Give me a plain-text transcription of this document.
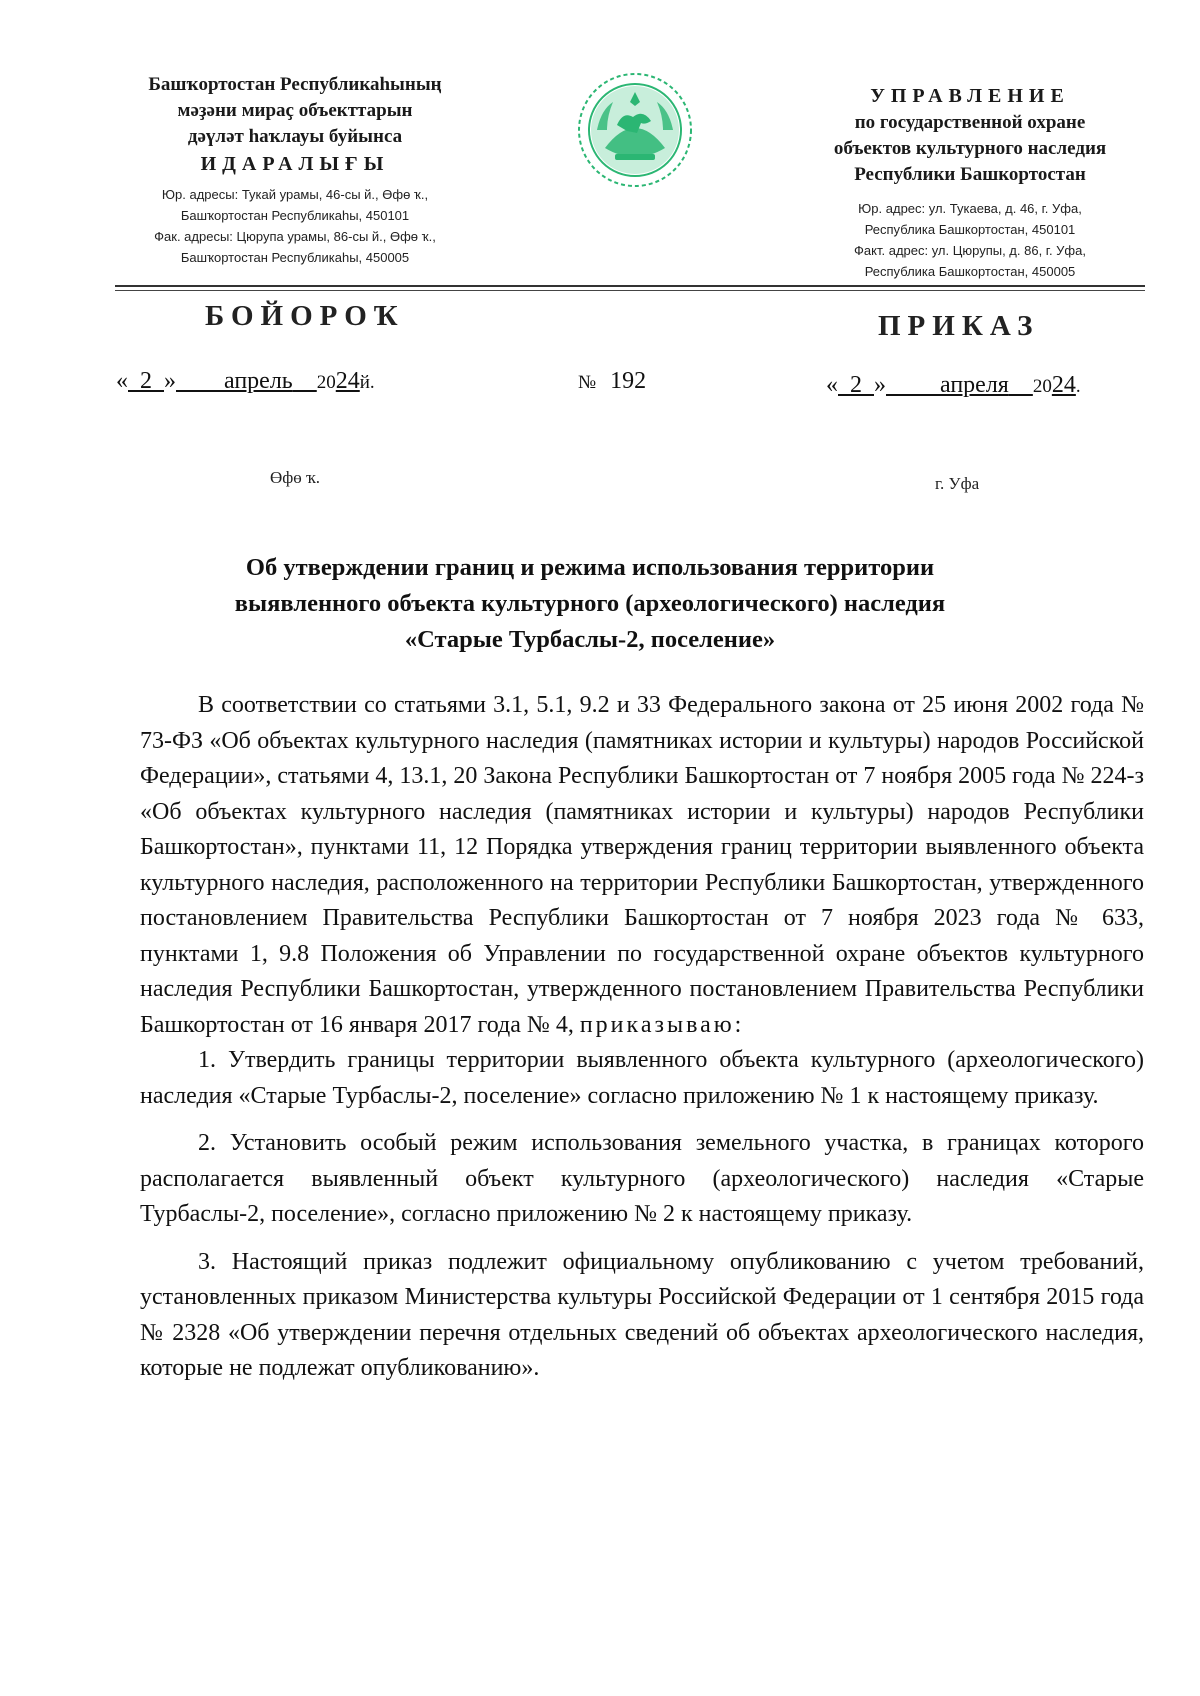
Башҡортостан Республикаһының
мәҙәни мираҫ объекттарын
дәүләт һаҡлауы буйынса
ИДАРАЛЫҒЫ
Юр. адресы: Тукай урамы, 46-сы й., Өфө ҡ.,
Башҡортостан Республикаһы, 450101
Фак. адресы: Цюрупа урамы, 86-сы й., Өфө ҡ.,
Башҡортостан Республикаһы, 450005
УПРАВЛЕНИЕ
по государственной охране
объектов культурного наследия
Республики Башкортостан
Юр. адрес: ул. Тукаева, д. 46, г. Уфа,
Республика Башкортостан, 450101
Факт. адрес: ул. Цюрупы, д. 86, г. Уфа,
Республика Башкортостан, 450005
БОЙОРОҠ	ПРИКАЗ
« 2 » апрель 2024й.	№ 192	« 2 » апреля 2024.
Өфө ҡ.	г. Уфа
Об утверждении границ и режима использования территории
выявленного объекта культурного (археологического) наследия
«Старые Турбаслы-2, поселение»

В соответствии со статьями 3.1, 5.1, 9.2 и 33 Федерального закона от 25 июня 2002 года № 73-ФЗ «Об объектах культурного наследия (памятниках истории и культуры) народов Российской Федерации», статьями 4, 13.1, 20 Закона Республики Башкортостан от 7 ноября 2005 года № 224-з «Об объектах культурного наследия (памятниках истории и культуры) народов Республики Башкортостан», пунктами 11, 12 Порядка утверждения границ территории выявленного объекта культурного наследия, расположенного на территории Республики Башкортостан, утвержденного постановлением Правительства Республики Башкортостан от 7 ноября 2023 года № 633, пунктами 1, 9.8 Положения об Управлении по государственной охране объектов культурного наследия Республики Башкортостан, утвержденного постановлением Правительства Республики Башкортостан от 16 января 2017 года № 4, приказываю:

1. Утвердить границы территории выявленного объекта культурного (археологического) наследия «Старые Турбаслы-2, поселение» согласно приложению № 1 к настоящему приказу.

2. Установить особый режим использования земельного участка, в границах которого располагается выявленный объект культурного (археологического) наследия «Старые Турбаслы-2, поселение», согласно приложению № 2 к настоящему приказу.

3. Настоящий приказ подлежит официальному опубликованию с учетом требований, установленных приказом Министерства культуры Российской Федерации от 1 сентября 2015 года № 2328 «Об утверждении перечня отдельных сведений об объектах археологического наследия, которые не подлежат опубликованию».
